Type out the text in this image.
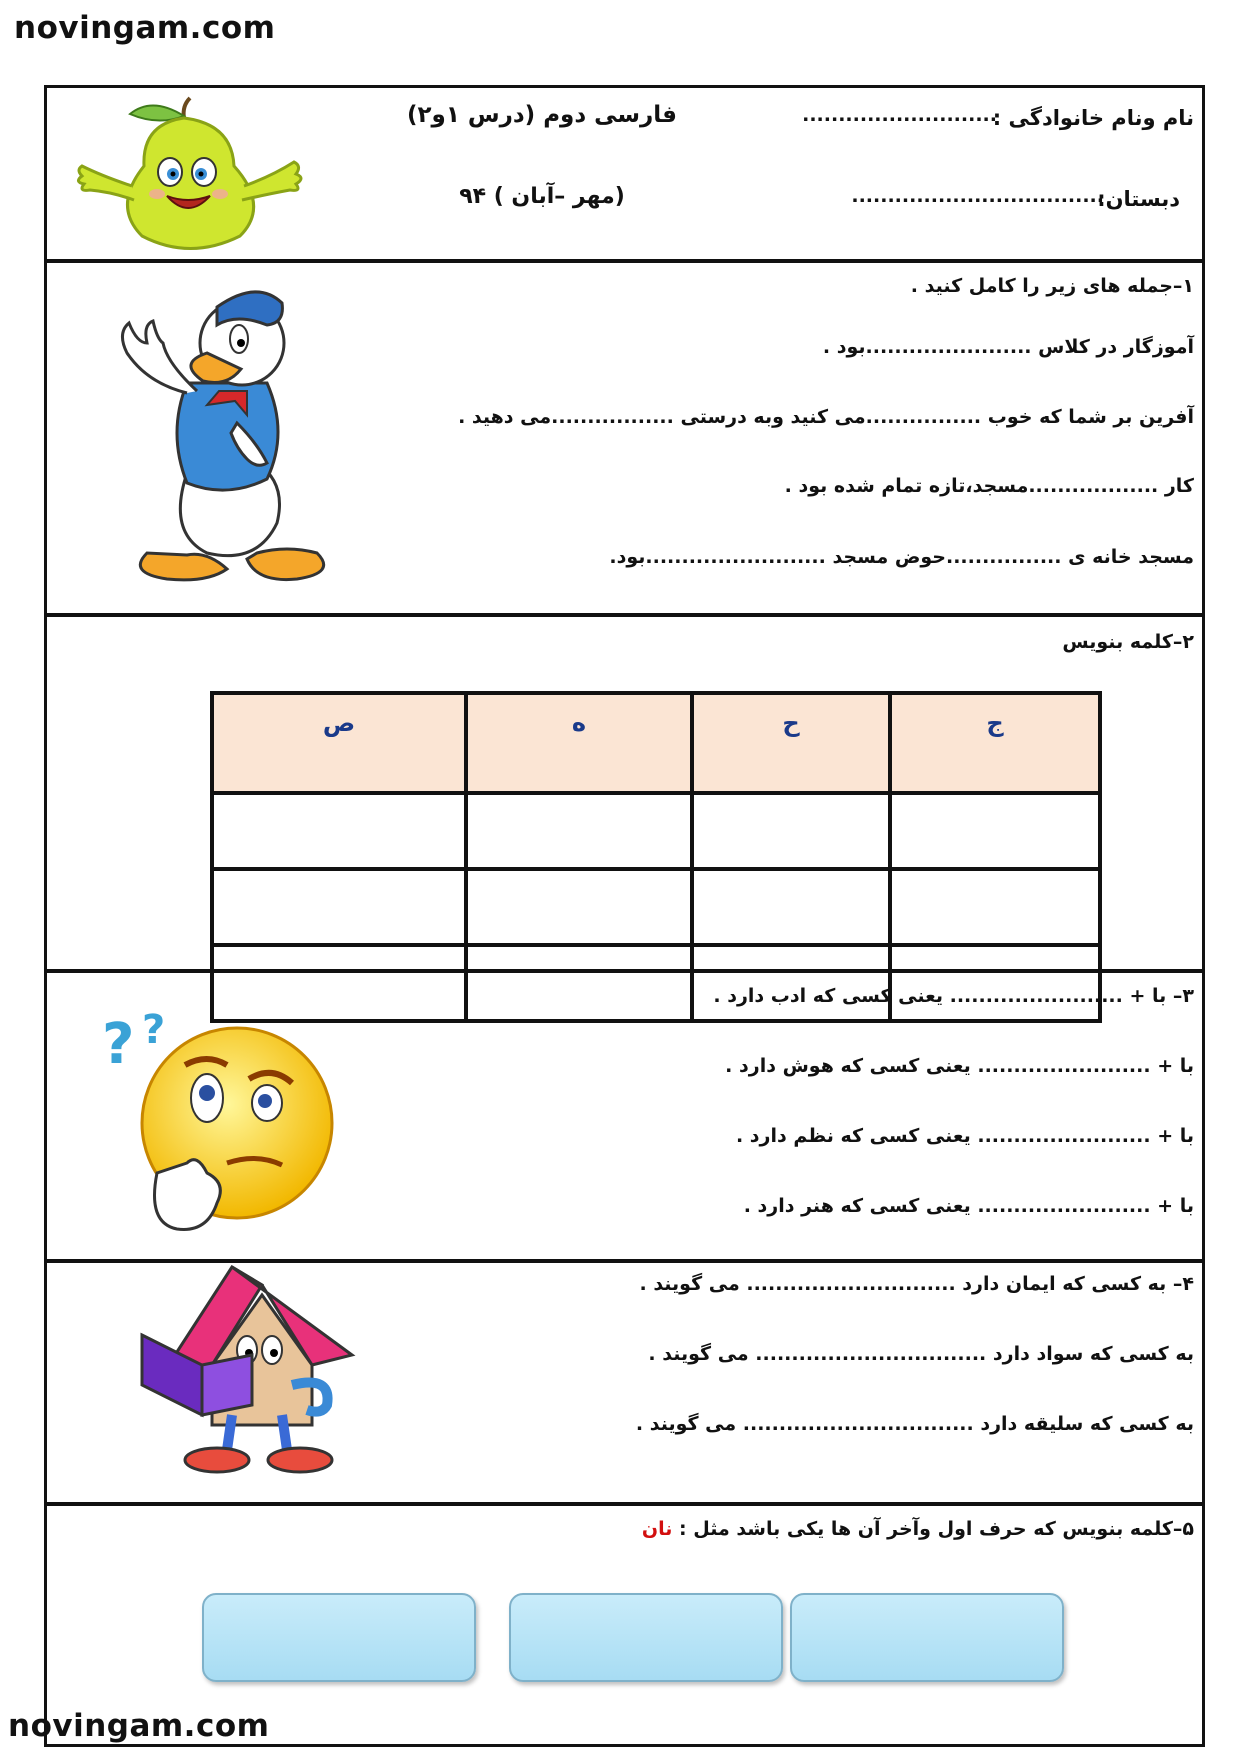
novingam.com
نام ونام خانوادگی :
...........................
فارسی دوم (درس ۱و۲)
دبستان:
...................................
(مهر –آبان ) ۹۴
۱–جمله های زیر را کامل کنید .
آموزگار در کلاس .......................بود .
آفرین بر شما که خوب ................می کنید وبه درستی .................می دهید .
کار ..................مسجد،تازه تمام شده بود .
مسجد خانه ی ................حوض مسجد .........................بود.
۲–کلمه بنویس
ج	ح	ه	ص

۳– با + ........................ یعنی کسی که ادب دارد .
با + ........................ یعنی کسی که هوش دارد .
با + ........................ یعنی کسی که نظم دارد .
با + ........................ یعنی کسی که هنر دارد .
? ?
۴– به کسی که ایمان دارد ............................. می گویند .
به کسی که سواد دارد ................................ می گویند .
به کسی که سلیقه دارد ................................ می گویند .
۵–کلمه بنویس که حرف اول وآخر آن ها یکی باشد مثل : نان
novingam.com
